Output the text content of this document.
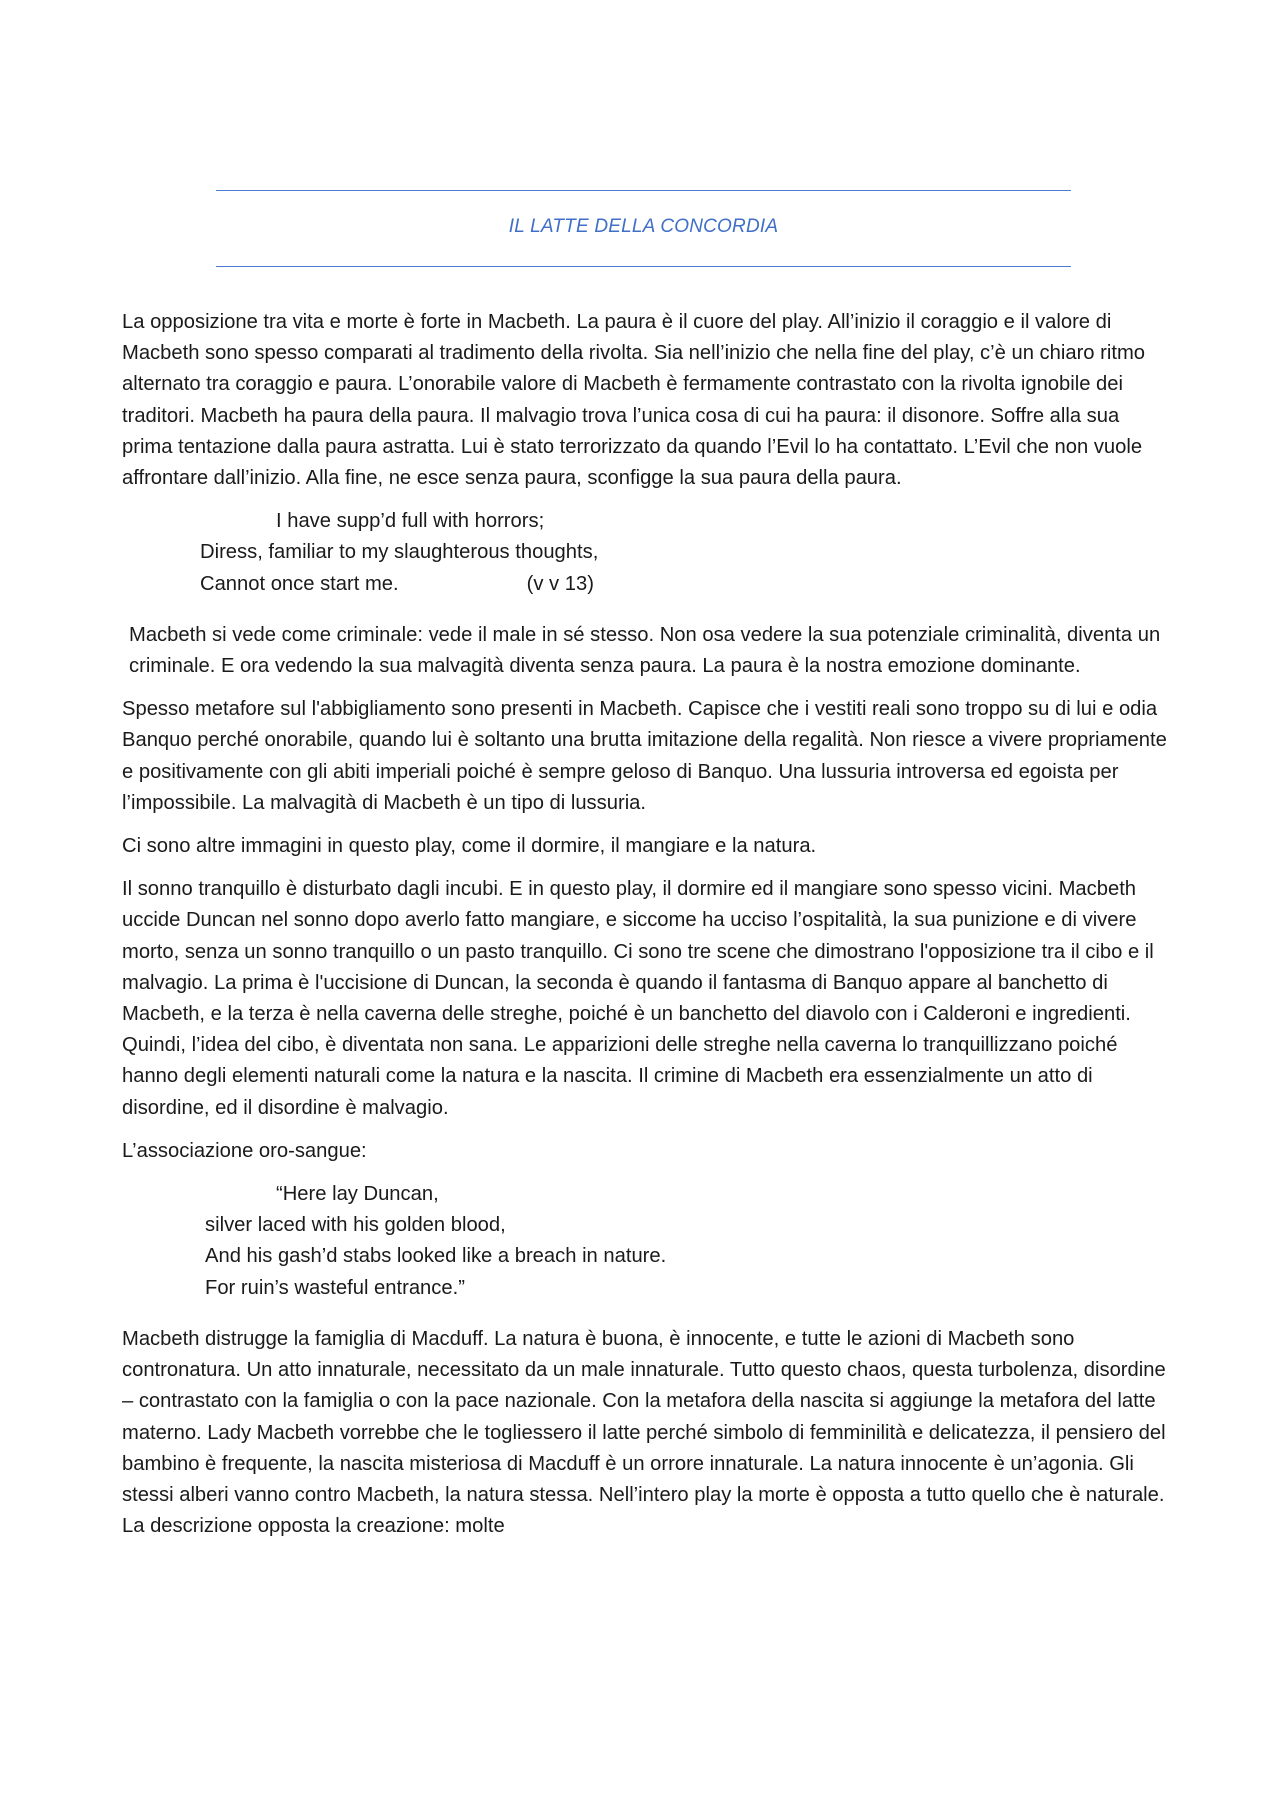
IL LATTE DELLA CONCORDIA

La opposizione tra vita e morte è forte in Macbeth. La paura è il cuore del play. All’inizio il coraggio e il valore di Macbeth sono spesso comparati al tradimento della rivolta. Sia nell’inizio che nella fine del play, c’è un chiaro ritmo alternato tra coraggio e paura. L’onorabile valore di Macbeth è fermamente contrastato con la rivolta ignobile dei traditori. Macbeth ha paura della paura. Il malvagio trova l’unica cosa di cui ha paura: il disonore. Soffre alla sua prima tentazione dalla paura astratta. Lui è stato terrorizzato da quando l’Evil lo ha contattato. L’Evil che non vuole affrontare dall’inizio. Alla fine, ne esce senza paura, sconfigge la sua paura della paura.

I have supp’d full with horrors;
Diress, familiar to my slaughterous thoughts,
Cannot once start me.	(v v 13)

Macbeth si vede come criminale: vede il male in sé stesso. Non osa vedere la sua potenziale criminalità, diventa un criminale. E ora vedendo la sua malvagità diventa senza paura. La paura è la nostra emozione dominante.

Spesso metafore sul l'abbigliamento sono presenti in Macbeth. Capisce che i vestiti reali sono troppo su di lui e odia Banquo perché onorabile, quando lui è soltanto una brutta imitazione della regalità. Non riesce a vivere propriamente e positivamente con gli abiti imperiali poiché è sempre geloso di Banquo. Una lussuria introversa ed egoista per l’impossibile. La malvagità di Macbeth è un tipo di lussuria.

Ci sono altre immagini in questo play, come il dormire, il mangiare e la natura.

Il sonno tranquillo è disturbato dagli incubi. E in questo play, il dormire ed il mangiare sono spesso vicini. Macbeth uccide Duncan nel sonno dopo averlo fatto mangiare, e siccome ha ucciso l’ospitalità, la sua punizione e di vivere morto, senza un sonno tranquillo o un pasto tranquillo. Ci sono tre scene che dimostrano l'opposizione tra il cibo e il malvagio. La prima è l'uccisione di Duncan, la seconda è quando il fantasma di Banquo appare al banchetto di Macbeth, e la terza è nella caverna delle streghe, poiché è un banchetto del diavolo con i Calderoni e ingredienti. Quindi, l’idea del cibo, è diventata non sana. Le apparizioni delle streghe nella caverna lo tranquillizzano poiché hanno degli elementi naturali come la natura e la nascita. Il crimine di Macbeth era essenzialmente un atto di disordine, ed il disordine è malvagio.

L’associazione oro-sangue:

“Here lay Duncan,
silver laced with his golden blood,
And his gash’d stabs looked like a breach in nature.
For ruin’s wasteful entrance.”

Macbeth distrugge la famiglia di Macduff. La natura è buona, è innocente, e tutte le azioni di Macbeth sono contronatura. Un atto innaturale, necessitato da un male innaturale. Tutto questo chaos, questa turbolenza, disordine – contrastato con la famiglia o con la pace nazionale. Con la metafora della nascita si aggiunge la metafora del latte materno. Lady Macbeth vorrebbe che le togliessero il latte perché simbolo di femminilità e delicatezza, il pensiero del bambino è frequente, la nascita misteriosa di Macduff è un orrore innaturale. La natura innocente è un’agonia. Gli stessi alberi vanno contro Macbeth, la natura stessa. Nell’intero play la morte è opposta a tutto quello che è naturale. La descrizione opposta la creazione: molte
